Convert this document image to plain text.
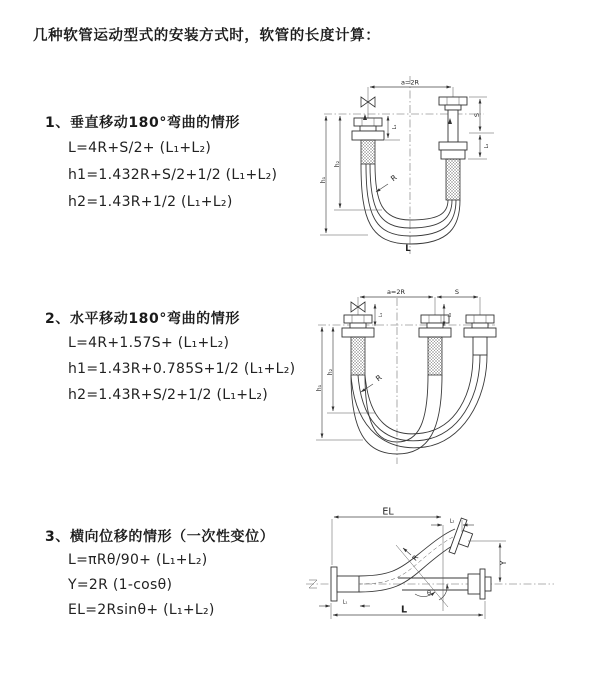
几种软管运动型式的安装方式时，软管的长度计算：
1、垂直移动180°弯曲的情形
L=4R+S/2+ (L₁+L₂)
h1=1.432R+S/2+1/2 (L₁+L₂)
h2=1.43R+1/2 (L₁+L₂)
2、水平移动180°弯曲的情形
L=4R+1.57S+ (L₁+L₂)
h1=1.43R+0.785S+1/2 (L₁+L₂)
h2=1.43R+S/2+1/2 (L₁+L₂)
3、横向位移的情形（一次性变位）
L=πRθ/90+ (L₁+L₂)
Y=2R (1-cosθ)
EL=2Rsinθ+ (L₁+L₂)
a=2R
S
L₂
L₁
h₁
h₂
R
L
a=2R	S
h₁
h₂
L₁	L₂
R
θ
EL
L₂
Y
L
L₁
R
